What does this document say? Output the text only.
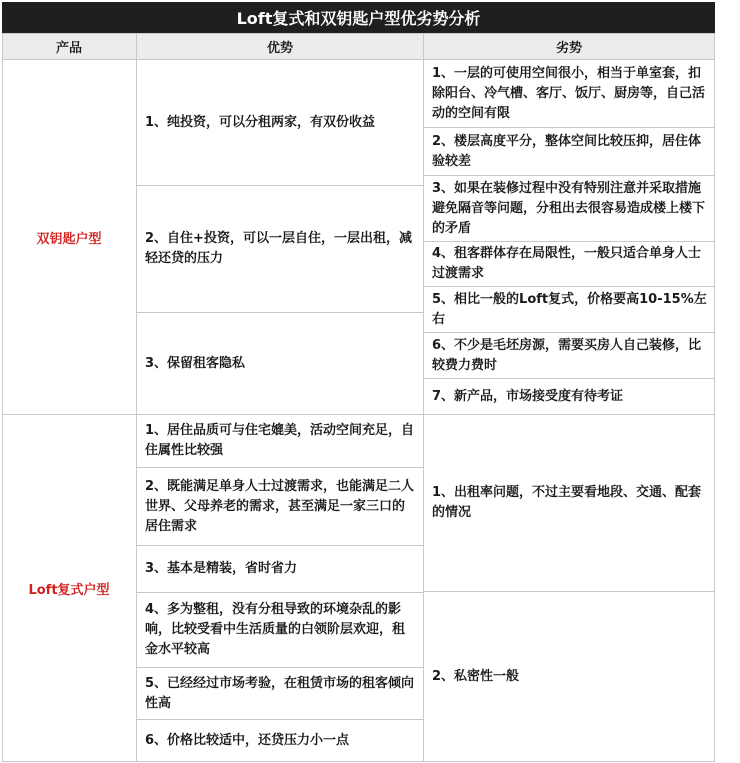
Loft复式和双钥匙户型优劣势分析
产品	优势	劣势
双钥匙户型
1、纯投资，可以分租两家，有双份收益
2、自住+投资，可以一层自住，一层出租，减轻还贷的压力
3、保留租客隐私
1、一层的可使用空间很小，相当于单室套，扣除阳台、冷气槽、客厅、饭厅、厨房等，自己活动的空间有限
2、楼层高度平分，整体空间比较压抑，居住体验较差
3、如果在装修过程中没有特别注意并采取措施避免隔音等问题，分租出去很容易造成楼上楼下的矛盾
4、租客群体存在局限性，一般只适合单身人士过渡需求
5、相比一般的Loft复式，价格要高10-15%左右
6、不少是毛坯房源，需要买房人自己装修，比较费力费时
7、新产品，市场接受度有待考证
Loft复式户型
1、居住品质可与住宅媲美，活动空间充足，自住属性比较强
2、既能满足单身人士过渡需求，也能满足二人世界、父母养老的需求，甚至满足一家三口的居住需求
3、基本是精装，省时省力
4、多为整租，没有分租导致的环境杂乱的影响，比较受看中生活质量的白领阶层欢迎，租金水平较高
5、已经经过市场考验，在租赁市场的租客倾向性高
6、价格比较适中，还贷压力小一点
1、出租率问题，不过主要看地段、交通、配套的情况
2、私密性一般
